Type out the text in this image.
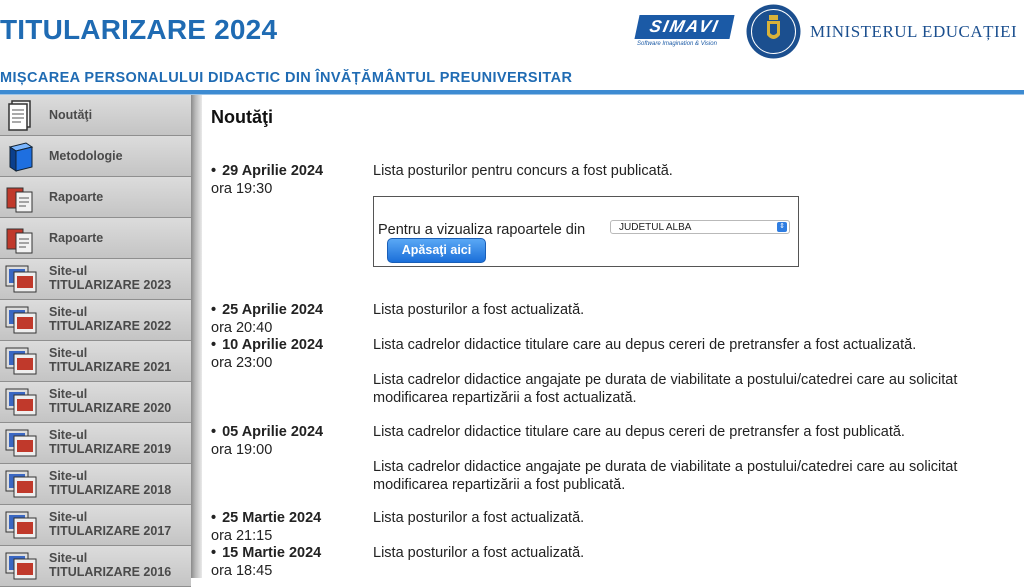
TITULARIZARE 2024
MIȘCAREA PERSONALULUI DIDACTIC DIN ÎNVĂȚĂMÂNTUL PREUNIVERSITAR
SIMAVI
Software Imagination & Vision
MINISTERUL EDUCAȚIEI
Noutăţi
Metodologie
Rapoarte
Rapoarte
Site-ul
TITULARIZARE 2023
Site-ul
TITULARIZARE 2022
Site-ul
TITULARIZARE 2021
Site-ul
TITULARIZARE 2020
Site-ul
TITULARIZARE 2019
Site-ul
TITULARIZARE 2018
Site-ul
TITULARIZARE 2017
Site-ul
TITULARIZARE 2016
Noutăţi
• 29 Aprilie 2024
ora 19:30
Lista posturilor pentru concurs a fost publicată.
Pentru a vizualiza rapoartele din	JUDETUL ALBA	⇕
Apăsaţi aici
• 25 Aprilie 2024
ora 20:40
Lista posturilor a fost actualizată.
• 10 Aprilie 2024
ora 23:00
Lista cadrelor didactice titulare care au depus cereri de pretransfer a fost actualizată.
Lista cadrelor didactice angajate pe durata de viabilitate a postului/catedrei care au solicitat modificarea repartizării a fost actualizată.
• 05 Aprilie 2024
ora 19:00
Lista cadrelor didactice titulare care au depus cereri de pretransfer a fost publicată.
Lista cadrelor didactice angajate pe durata de viabilitate a postului/catedrei care au solicitat modificarea repartizării a fost publicată.
• 25 Martie 2024
ora 21:15
Lista posturilor a fost actualizată.
• 15 Martie 2024
ora 18:45
Lista posturilor a fost actualizată.
